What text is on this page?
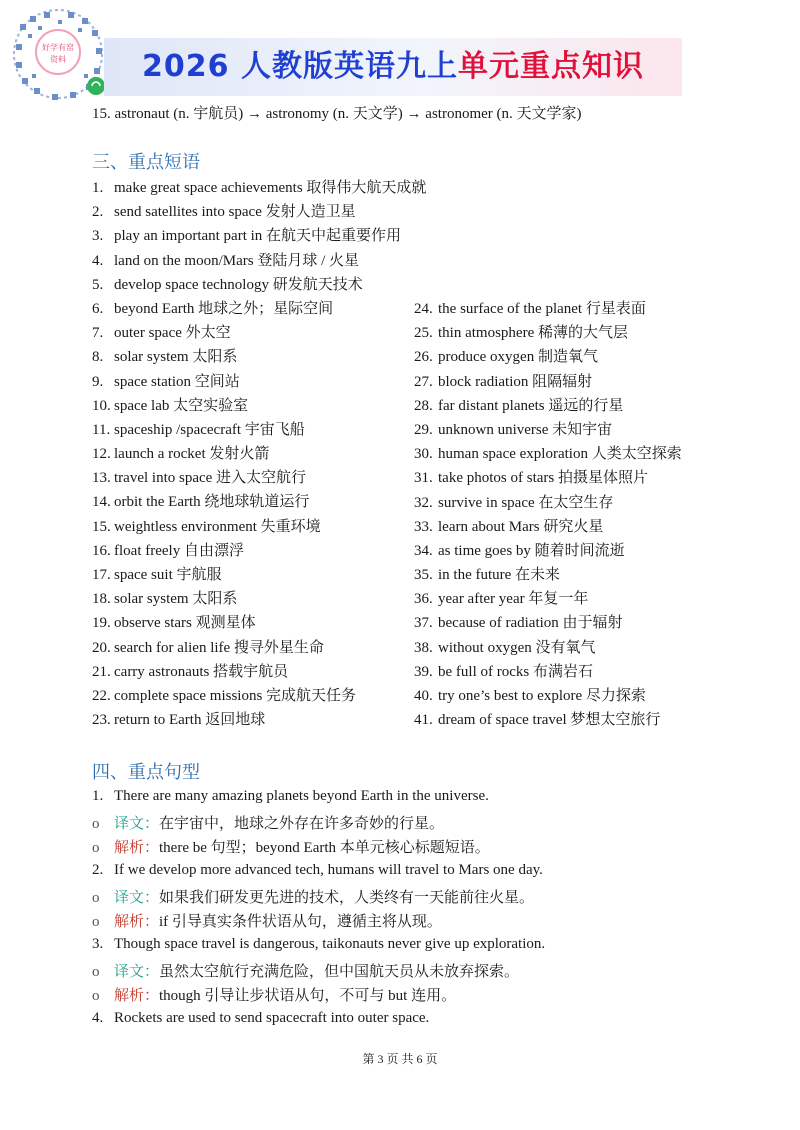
好学有窑
资料	2026 人教版英语九上单元重点知识
15. astronaut (n. 宇航员) → astronomy (n. 天文学) → astronomer (n. 天文学家)
三、重点短语
1. make great space achievements 取得伟大航天成就
2. send satellites into space 发射人造卫星
3. play an important part in 在航天中起重要作用
4. land on the moon/Mars 登陆月球 / 火星
5. develop space technology 研发航天技术
6. beyond Earth 地球之外；星际空间
7. outer space 外太空
8. solar system 太阳系
9. space station 空间站
10. space lab 太空实验室
11. spaceship /spacecraft 宇宙飞船
12. launch a rocket 发射火箭
13. travel into space 进入太空航行
14. orbit the Earth 绕地球轨道运行
15. weightless environment 失重环境
16. float freely 自由漂浮
17. space suit 宇航服
18. solar system 太阳系
19. observe stars 观测星体
20. search for alien life 搜寻外星生命
21. carry astronauts 搭载宇航员
22. complete space missions 完成航天任务
23. return to Earth 返回地球
24. the surface of the planet 行星表面
25. thin atmosphere 稀薄的大气层
26. produce oxygen 制造氧气
27. block radiation 阻隔辐射
28. far distant planets 遥远的行星
29. unknown universe 未知宇宙
30. human space exploration 人类太空探索
31. take photos of stars 拍摄星体照片
32. survive in space 在太空生存
33. learn about Mars 研究火星
34. as time goes by 随着时间流逝
35. in the future 在未来
36. year after year 年复一年
37. because of radiation 由于辐射
38. without oxygen 没有氧气
39. be full of rocks 布满岩石
40. try one’s best to explore 尽力探索
41. dream of space travel 梦想太空旅行
四、重点句型
1. There are many amazing planets beyond Earth in the universe.
o 译文：在宇宙中，地球之外存在许多奇妙的行星。
o 解析：there be 句型；beyond Earth 本单元核心标题短语。
2. If we develop more advanced tech, humans will travel to Mars one day.
o 译文：如果我们研发更先进的技术，人类终有一天能前往火星。
o 解析：if 引导真实条件状语从句，遵循主将从现。
3. Though space travel is dangerous, taikonauts never give up exploration.
o 译文：虽然太空航行充满危险，但中国航天员从未放弃探索。
o 解析：though 引导让步状语从句，不可与 but 连用。
4. Rockets are used to send spacecraft into outer space.
第 3 页 共 6 页
